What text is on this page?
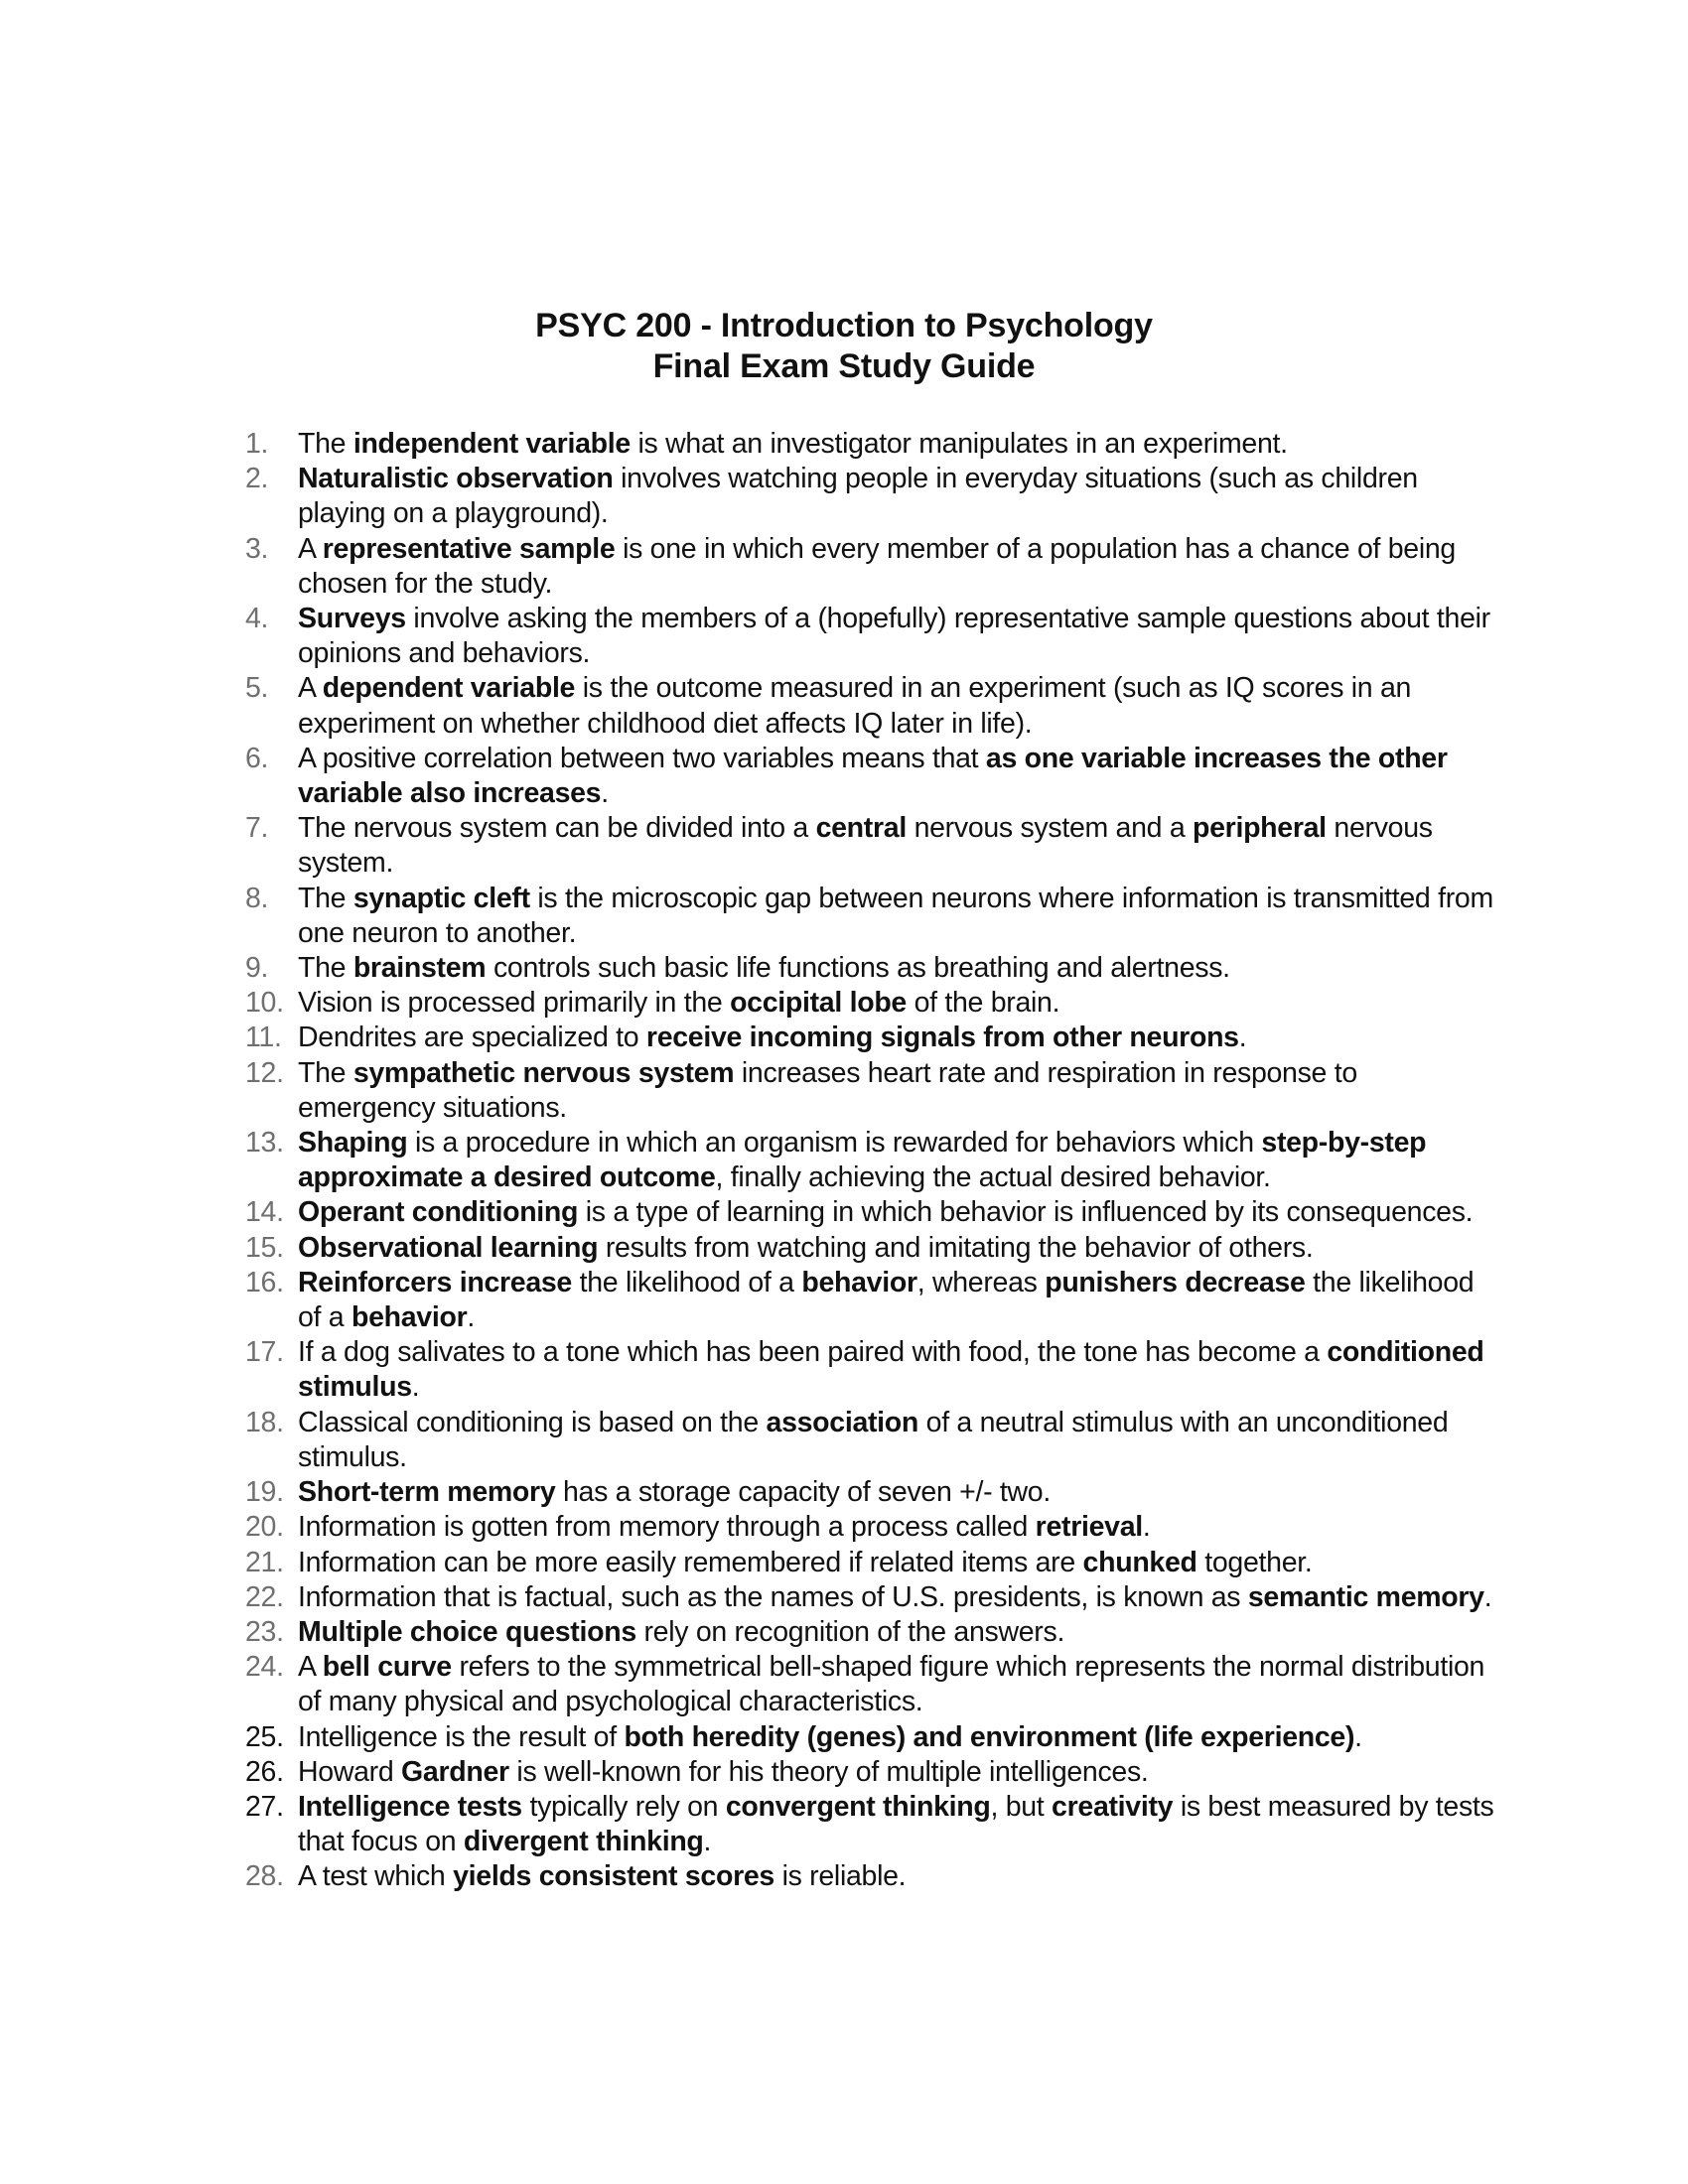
PSYC 200 - Introduction to Psychology
Final Exam Study Guide
1. The independent variable is what an investigator manipulates in an experiment.
2. Naturalistic observation involves watching people in everyday situations (such as children playing on a playground).
3. A representative sample is one in which every member of a population has a chance of being chosen for the study.
4. Surveys involve asking the members of a (hopefully) representative sample questions about their opinions and behaviors.
5. A dependent variable is the outcome measured in an experiment (such as IQ scores in an experiment on whether childhood diet affects IQ later in life).
6. A positive correlation between two variables means that as one variable increases the other variable also increases.
7. The nervous system can be divided into a central nervous system and a peripheral nervous system.
8. The synaptic cleft is the microscopic gap between neurons where information is transmitted from one neuron to another.
9. The brainstem controls such basic life functions as breathing and alertness.
10. Vision is processed primarily in the occipital lobe of the brain.
11. Dendrites are specialized to receive incoming signals from other neurons.
12. The sympathetic nervous system increases heart rate and respiration in response to emergency situations.
13. Shaping is a procedure in which an organism is rewarded for behaviors which step-by-step approximate a desired outcome, finally achieving the actual desired behavior.
14. Operant conditioning is a type of learning in which behavior is influenced by its consequences.
15. Observational learning results from watching and imitating the behavior of others.
16. Reinforcers increase the likelihood of a behavior, whereas punishers decrease the likelihood of a behavior.
17. If a dog salivates to a tone which has been paired with food, the tone has become a conditioned stimulus.
18. Classical conditioning is based on the association of a neutral stimulus with an unconditioned stimulus.
19. Short-term memory has a storage capacity of seven +/- two.
20. Information is gotten from memory through a process called retrieval.
21. Information can be more easily remembered if related items are chunked together.
22. Information that is factual, such as the names of U.S. presidents, is known as semantic memory.
23. Multiple choice questions rely on recognition of the answers.
24. A bell curve refers to the symmetrical bell-shaped figure which represents the normal distribution of many physical and psychological characteristics.
25. Intelligence is the result of both heredity (genes) and environment (life experience).
26. Howard Gardner is well-known for his theory of multiple intelligences.
27. Intelligence tests typically rely on convergent thinking, but creativity is best measured by tests that focus on divergent thinking.
28. A test which yields consistent scores is reliable.
